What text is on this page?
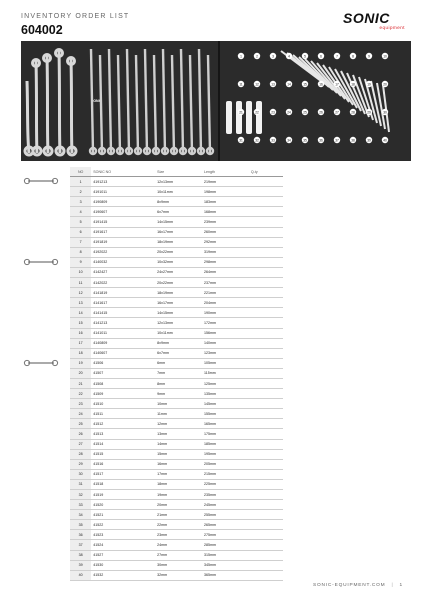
INVENTORY ORDER LIST
604002
SONIC
equipment
SONIC
1	2	3	4	5	6	7	8	9	10
11	12	13	14	15	16	17	18	19	20
21	22	23	24	25	26	27	28	29	30
31	32	33	34	35	36	37	38	39	40
	NO	SONIC NO	Size	Length	Q-ty
	1	4191213	12x13mm	219mm	
	2	4191011	10x11mm	198mm	
	3	4190809	8x9mm	183mm	
	4	4190607	6x7mm	168mm	
	5	4191415	14x15mm	239mm	
	6	4191617	16x17mm	260mm	
	7	4191819	18x19mm	292mm	
	8	4192022	20x22mm	319mm	
	9	4140032	10x32mm	298mm	
	10	4142427	24x27mm	264mm	
	11	4142022	20x22mm	237mm	
	12	4141819	18x19mm	221mm	
	13	4141617	16x17mm	204mm	
	14	4141415	14x15mm	190mm	
	15	4141213	12x13mm	172mm	
	16	4141011	10x11mm	156mm	
	17	4140809	8x9mm	140mm	
	18	4140607	6x7mm	123mm	
	19	41506	6mm	105mm	
	20	41507	7mm	115mm	
	21	41508	8mm	125mm	
	22	41509	9mm	135mm	
	23	41510	10mm	145mm	
	24	41511	11mm	155mm	
	25	41512	12mm	165mm	
	26	41513	13mm	175mm	
	27	41514	14mm	185mm	
	28	41515	15mm	195mm	
	29	41516	16mm	205mm	
	30	41517	17mm	215mm	
	31	41518	18mm	225mm	
	32	41519	19mm	235mm	
	33	41520	20mm	245mm	
	34	41521	21mm	255mm	
	35	41522	22mm	265mm	
	36	41523	23mm	275mm	
	37	41524	24mm	285mm	
	38	41527	27mm	315mm	
	39	41530	30mm	345mm	
	40	41532	32mm	365mm	
SONIC-EQUIPMENT.COM | 1
